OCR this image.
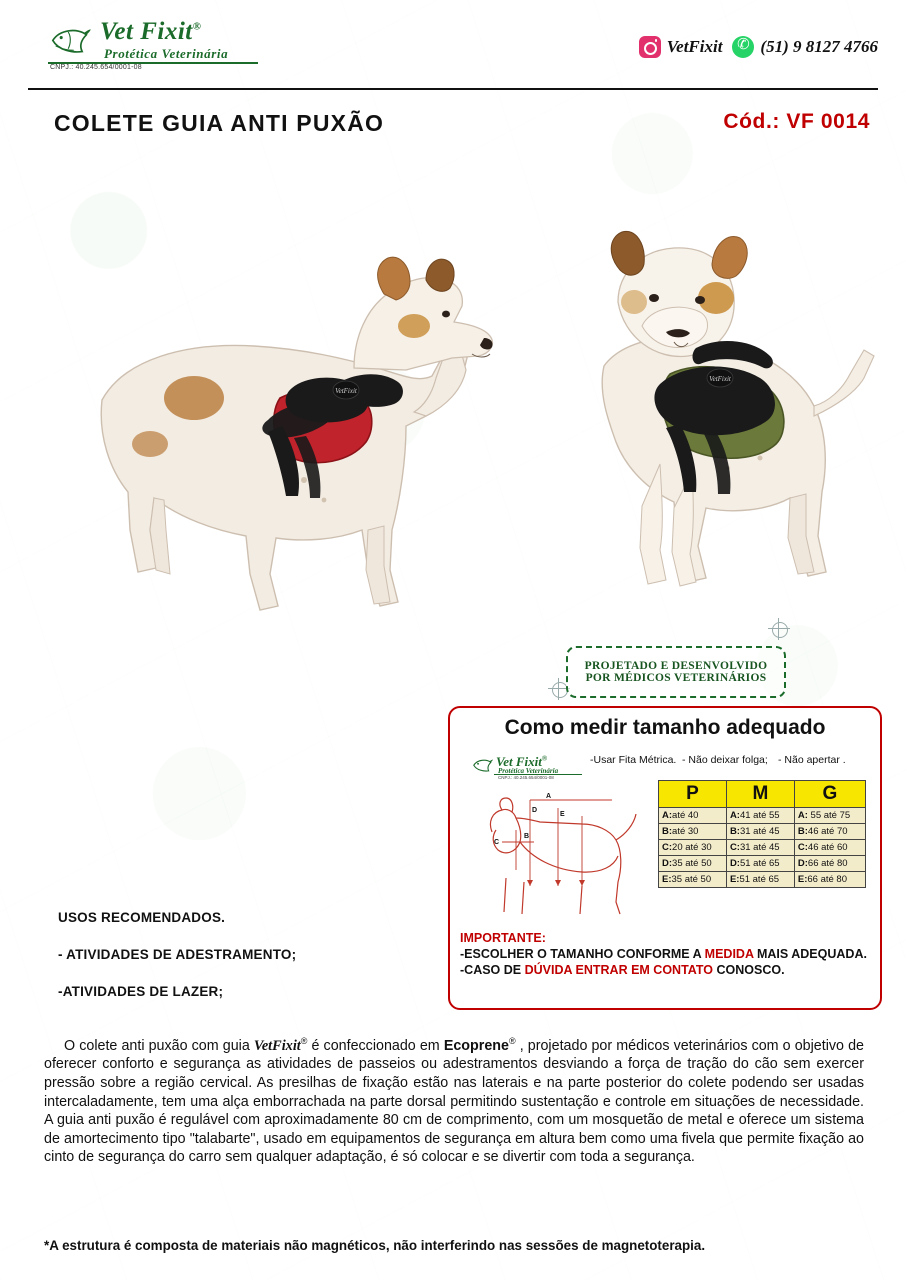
Vet Fixit®
Protética Veterinária
CNPJ.: 40.245.654/0001-08
VetFixit ✆ (51) 9 8127 4766
COLETE GUIA ANTI PUXÃO	Cód.: VF 0014
VetFixit
VetFixit
PROJETADO E DESENVOLVIDO
POR MÉDICOS VETERINÁRIOS
Como medir tamanho adequado
Vet Fixit®
Protética Veterinária
CNPJ.: 40.245.654/0001-08
-Usar Fita Métrica. - Não deixar folga; - Não apertar .
A
D
E
B
C
P	M	G
A:até 40	A:41 até 55	A: 55 até 75
B:até 30	B:31 até 45	B:46 até 70
C:20 até 30	C:31 até 45	C:46 até 60
D:35 até 50	D:51 até 65	D:66 até 80
E:35 até 50	E:51 até 65	E:66 até 80
IMPORTANTE:
-ESCOLHER O TAMANHO CONFORME A MEDIDA MAIS ADEQUADA.
-CASO DE DÚVIDA ENTRAR EM CONTATO CONOSCO.
USOS RECOMENDADOS.
- ATIVIDADES DE ADESTRAMENTO;
-ATIVIDADES DE LAZER;

O colete anti puxão com guia VetFixit® é confeccionado em Ecoprene® , projetado por médicos veterinários com o objetivo de oferecer conforto e segurança as atividades de passeios ou adestramentos desviando a força de tração do cão sem exercer pressão sobre a região cervical. As presilhas de fixação estão nas laterais e na parte posterior do colete podendo ser usadas intercaladamente, tem uma alça emborrachada na parte dorsal permitindo sustentação e controle em situações de necessidade. A guia anti puxão é regulável com aproximadamente 80 cm de comprimento, com um mosquetão de metal e oferece um sistema de amortecimento tipo "talabarte", usado em equipamentos de segurança em altura bem como uma fivela que permite fixação ao cinto de segurança do carro sem qualquer adaptação, é só colocar e se divertir com toda a segurança.

*A estrutura é composta de materiais não magnéticos, não interferindo nas sessões de magnetoterapia.
